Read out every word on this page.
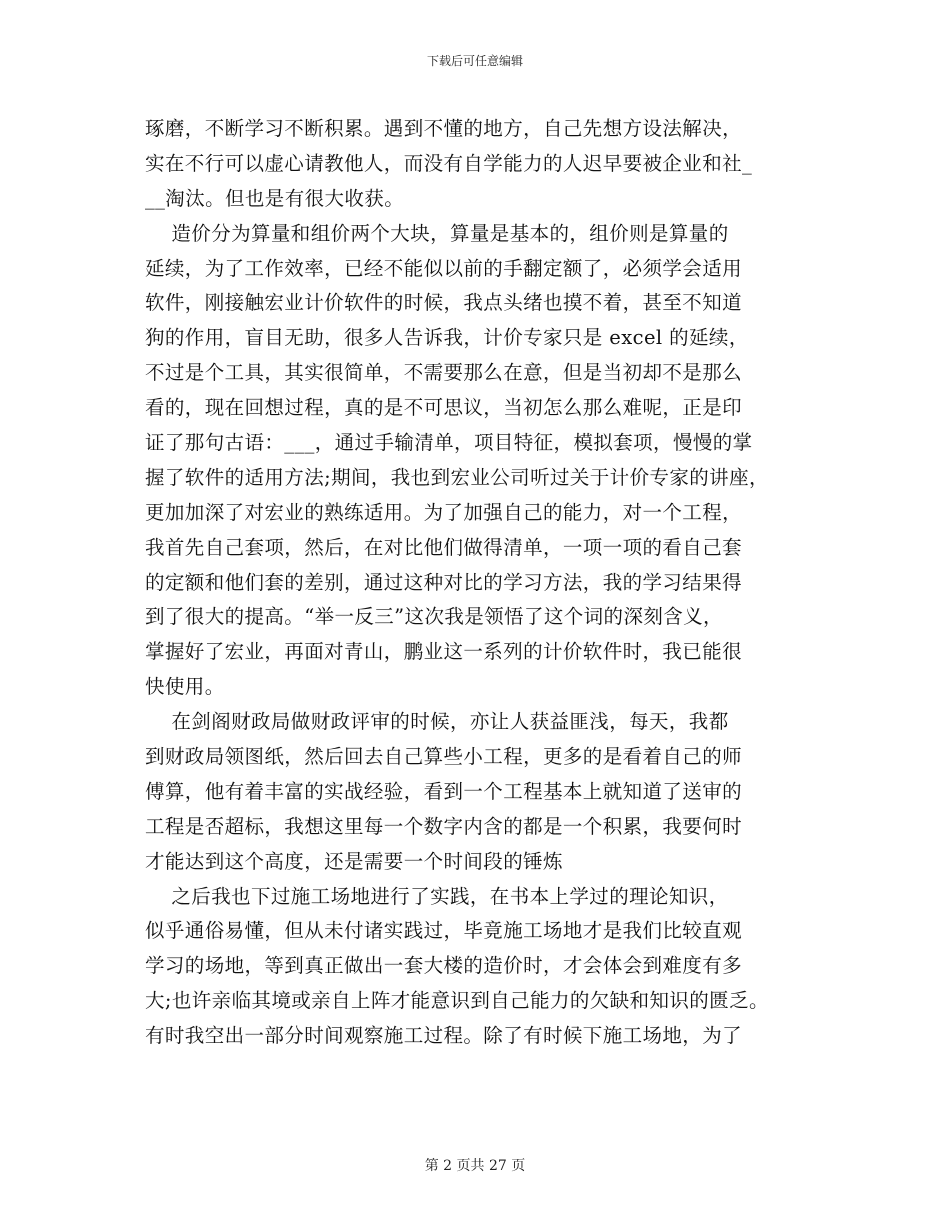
下载后可任意编辑
琢磨，不断学习不断积累。遇到不懂的地方，自己先想方设法解决，
实在不行可以虚心请教他人，而没有自学能力的人迟早要被企业和社_
__淘汰。但也是有很大收获。
造价分为算量和组价两个大块，算量是基本的，组价则是算量的
延续，为了工作效率，已经不能似以前的手翻定额了，必须学会适用
软件，刚接触宏业计价软件的时候，我点头绪也摸不着，甚至不知道
狗的作用，盲目无助，很多人告诉我，计价专家只是 excel 的延续，
不过是个工具，其实很简单，不需要那么在意，但是当初却不是那么
看的，现在回想过程，真的是不可思议，当初怎么那么难呢，正是印
证了那句古语：___，通过手输清单，项目特征，模拟套项，慢慢的掌
握了软件的适用方法;期间，我也到宏业公司听过关于计价专家的讲座，
更加加深了对宏业的熟练适用。为了加强自己的能力，对一个工程，
我首先自己套项，然后，在对比他们做得清单，一项一项的看自己套
的定额和他们套的差别，通过这种对比的学习方法，我的学习结果得
到了很大的提高。“举一反三”这次我是领悟了这个词的深刻含义，
掌握好了宏业，再面对青山，鹏业这一系列的计价软件时，我已能很
快使用。
在剑阁财政局做财政评审的时候，亦让人获益匪浅，每天，我都
到财政局领图纸，然后回去自己算些小工程，更多的是看着自己的师
傅算，他有着丰富的实战经验，看到一个工程基本上就知道了送审的
工程是否超标，我想这里每一个数字内含的都是一个积累，我要何时
才能达到这个高度，还是需要一个时间段的锤炼
之后我也下过施工场地进行了实践，在书本上学过的理论知识，
似乎通俗易懂，但从未付诸实践过，毕竟施工场地才是我们比较直观
学习的场地，等到真正做出一套大楼的造价时，才会体会到难度有多
大;也许亲临其境或亲自上阵才能意识到自己能力的欠缺和知识的匮乏。
有时我空出一部分时间观察施工过程。除了有时候下施工场地，为了
第 2 页共 27 页
